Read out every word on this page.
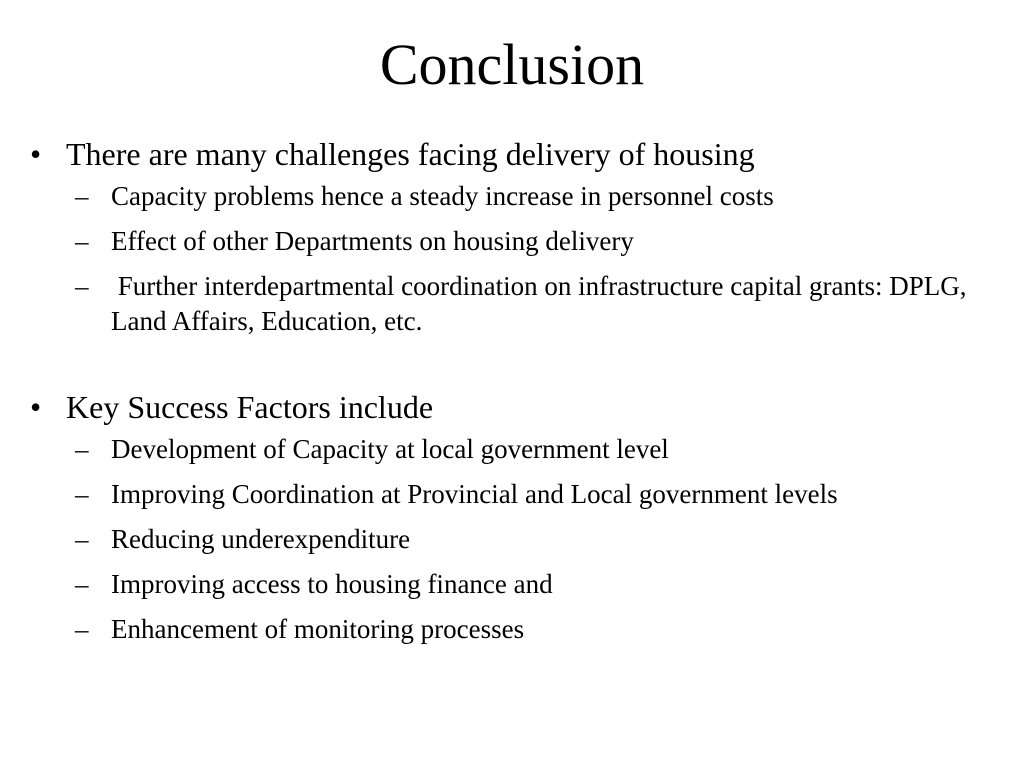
Conclusion
• There are many challenges facing delivery of housing
– Capacity problems hence a steady increase in personnel costs
– Effect of other Departments on housing delivery
– Further interdepartmental coordination on infrastructure capital grants: DPLG, Land Affairs, Education, etc.
• Key Success Factors include
– Development of Capacity at local government level
– Improving Coordination at Provincial and Local government levels
– Reducing underexpenditure
– Improving access to housing finance and
– Enhancement of monitoring processes
